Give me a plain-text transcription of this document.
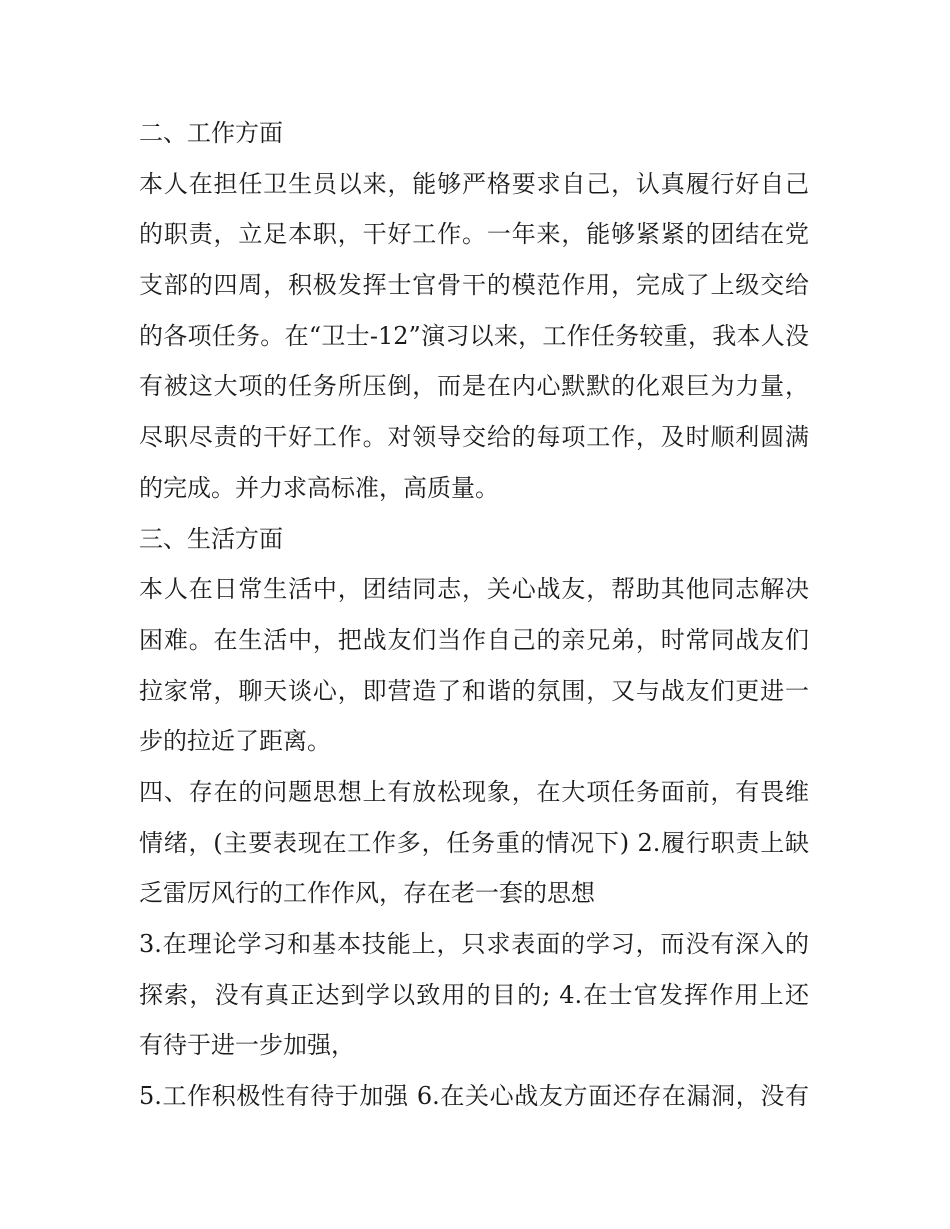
二、工作方面
本人在担任卫生员以来，能够严格要求自己，认真履行好自己
的职责，立足本职，干好工作。一年来，能够紧紧的团结在党
支部的四周，积极发挥士官骨干的模范作用，完成了上级交给
的各项任务。在“卫士-12”演习以来，工作任务较重，我本人没
有被这大项的任务所压倒，而是在内心默默的化艰巨为力量，
尽职尽责的干好工作。对领导交给的每项工作，及时顺利圆满
的完成。并力求高标准，高质量。
三、生活方面
本人在日常生活中，团结同志，关心战友，帮助其他同志解决
困难。在生活中，把战友们当作自己的亲兄弟，时常同战友们
拉家常，聊天谈心，即营造了和谐的氛围，又与战友们更进一
步的拉近了距离。
四、存在的问题思想上有放松现象，在大项任务面前，有畏维
情绪，(主要表现在工作多，任务重的情况下) 2.履行职责上缺
乏雷厉风行的工作作风，存在老一套的思想
3.在理论学习和基本技能上，只求表面的学习，而没有深入的
探索，没有真正达到学以致用的目的; 4.在士官发挥作用上还
有待于进一步加强，
5.工作积极性有待于加强 6.在关心战友方面还存在漏洞，没有
